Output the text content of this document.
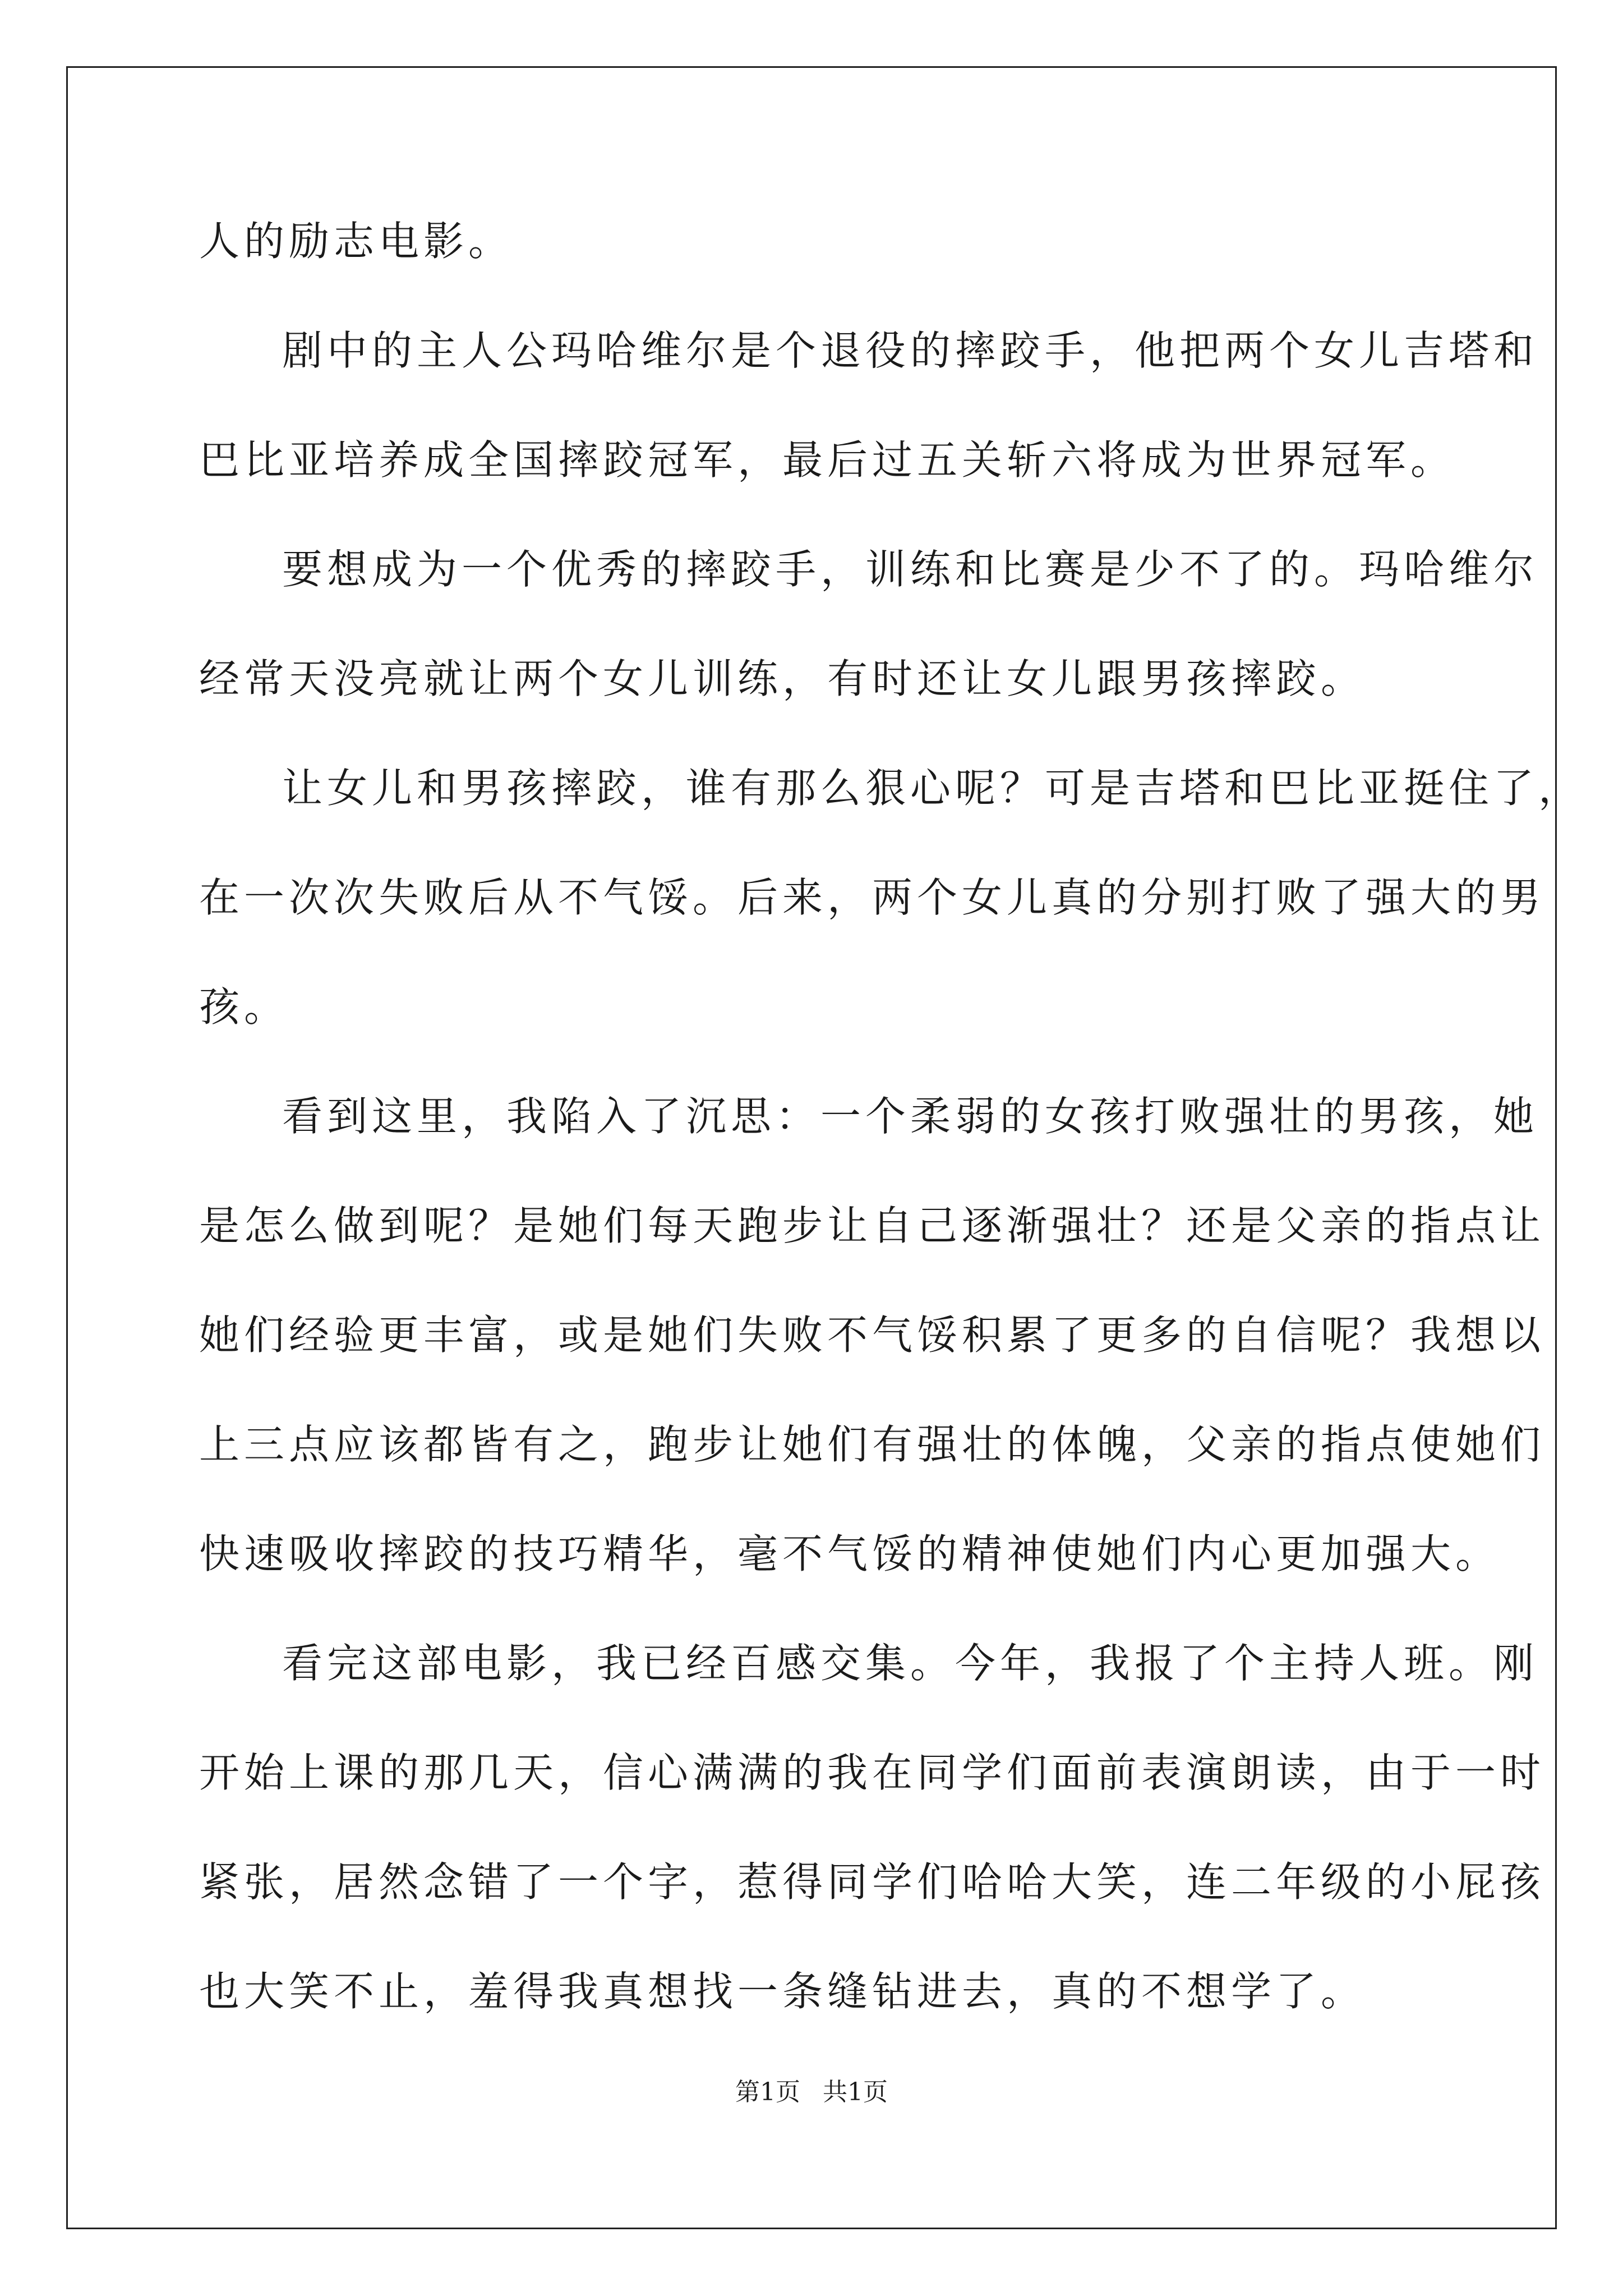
人的励志电影。
剧中的主人公玛哈维尔是个退役的摔跤手，他把两个女儿吉塔和
巴比亚培养成全国摔跤冠军，最后过五关斩六将成为世界冠军。
要想成为一个优秀的摔跤手，训练和比赛是少不了的。玛哈维尔
经常天没亮就让两个女儿训练，有时还让女儿跟男孩摔跤。
让女儿和男孩摔跤，谁有那么狠心呢？可是吉塔和巴比亚挺住了，
在一次次失败后从不气馁。后来，两个女儿真的分别打败了强大的男
孩。
看到这里，我陷入了沉思：一个柔弱的女孩打败强壮的男孩，她
是怎么做到呢？是她们每天跑步让自己逐渐强壮？还是父亲的指点让
她们经验更丰富，或是她们失败不气馁积累了更多的自信呢？我想以
上三点应该都皆有之，跑步让她们有强壮的体魄，父亲的指点使她们
快速吸收摔跤的技巧精华，毫不气馁的精神使她们内心更加强大。
看完这部电影，我已经百感交集。今年，我报了个主持人班。刚
开始上课的那几天，信心满满的我在同学们面前表演朗读，由于一时
紧张，居然念错了一个字，惹得同学们哈哈大笑，连二年级的小屁孩
也大笑不止，羞得我真想找一条缝钻进去，真的不想学了。
第1页 共1页
